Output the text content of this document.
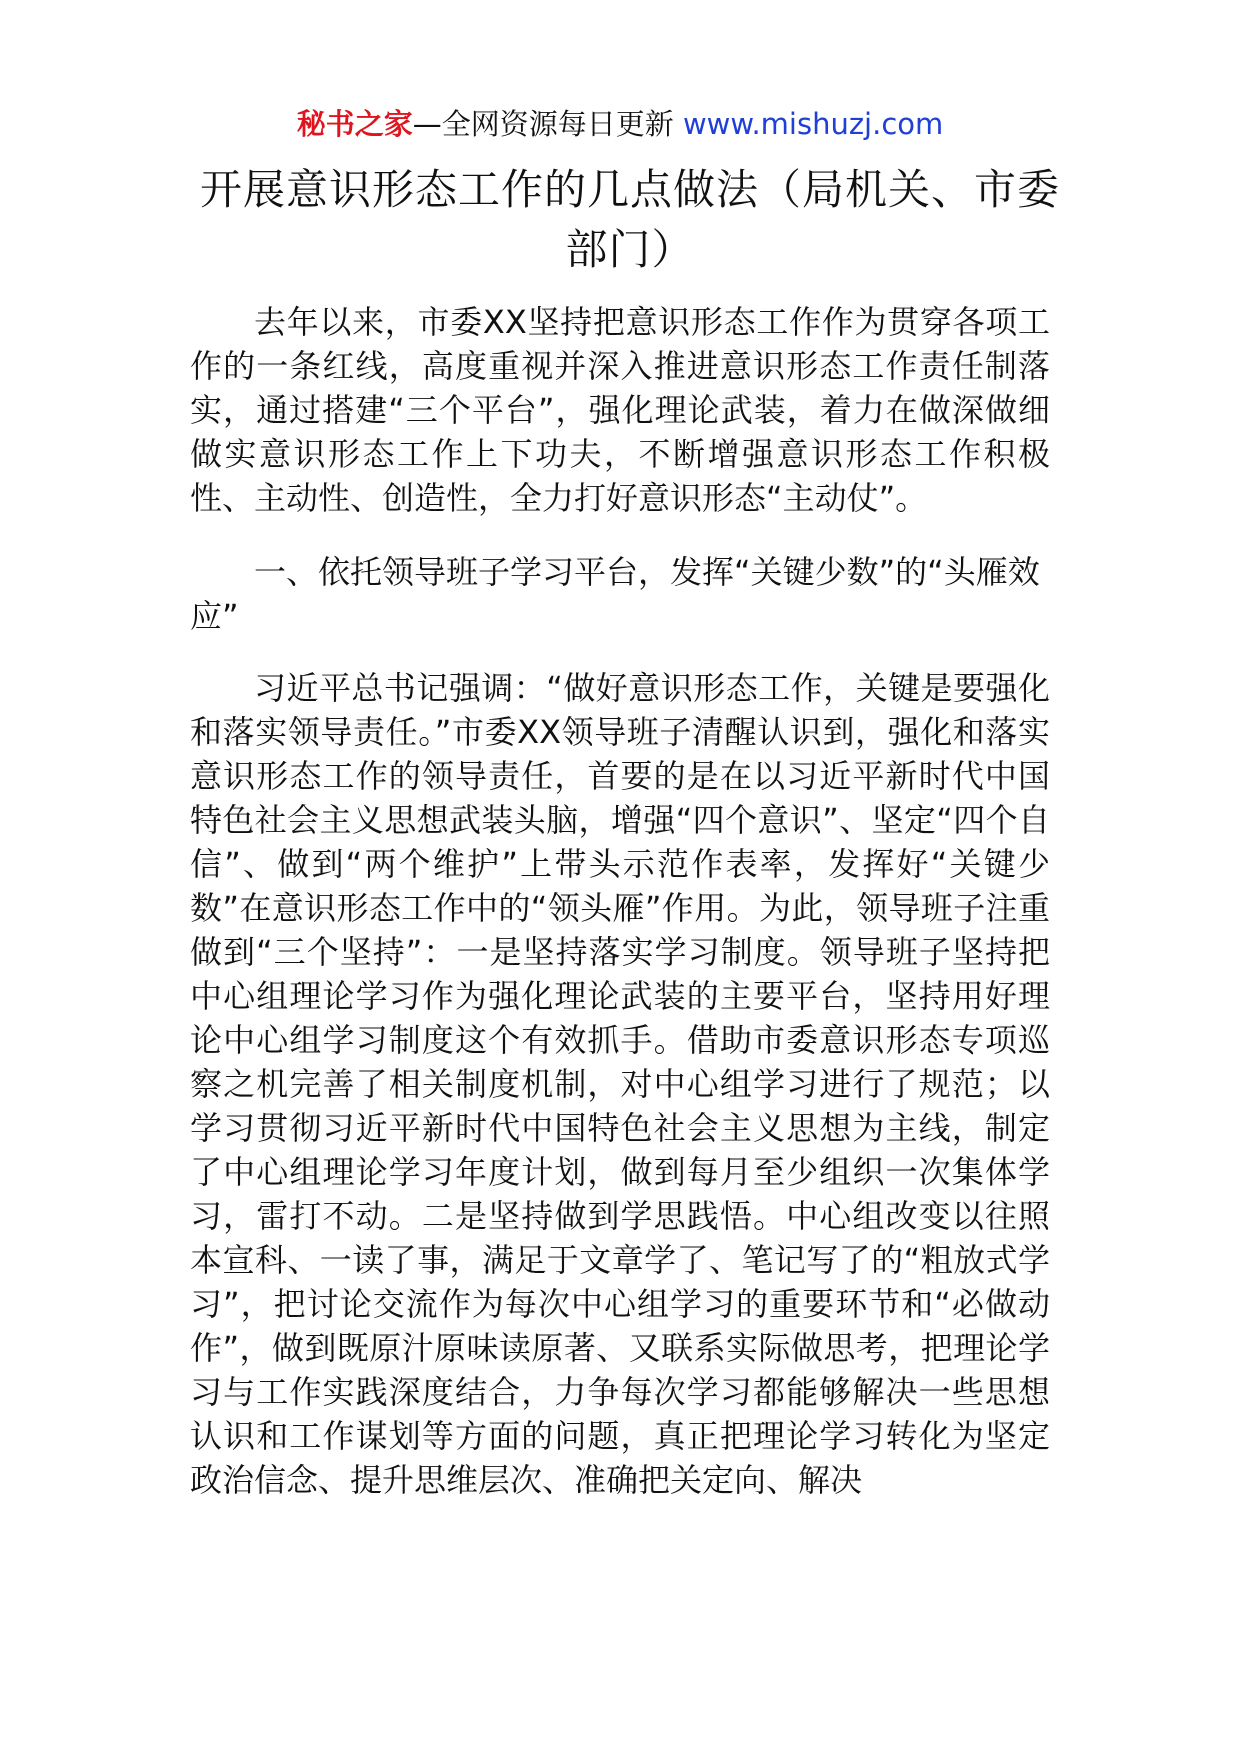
秘书之家—全网资源每日更新 www.mishuzj.com
开展意识形态工作的几点做法（局机关、市委部门）

去年以来，市委XX坚持把意识形态工作作为贯穿各项工作的一条红线，高度重视并深入推进意识形态工作责任制落实，通过搭建“三个平台”，强化理论武装，着力在做深做细做实意识形态工作上下功夫，不断增强意识形态工作积极性、主动性、创造性，全力打好意识形态“主动仗”。

一、依托领导班子学习平台，发挥“关键少数”的“头雁效应”

习近平总书记强调：“做好意识形态工作，关键是要强化和落实领导责任。”市委XX领导班子清醒认识到，强化和落实意识形态工作的领导责任，首要的是在以习近平新时代中国特色社会主义思想武装头脑，增强“四个意识”、坚定“四个自信”、做到“两个维护”上带头示范作表率，发挥好“关键少数”在意识形态工作中的“领头雁”作用。为此，领导班子注重做到“三个坚持”：一是坚持落实学习制度。领导班子坚持把中心组理论学习作为强化理论武装的主要平台，坚持用好理论中心组学习制度这个有效抓手。借助市委意识形态专项巡察之机完善了相关制度机制，对中心组学习进行了规范；以学习贯彻习近平新时代中国特色社会主义思想为主线，制定了中心组理论学习年度计划，做到每月至少组织一次集体学习，雷打不动。二是坚持做到学思践悟。中心组改变以往照本宣科、一读了事，满足于文章学了、笔记写了的“粗放式学习”，把讨论交流作为每次中心组学习的重要环节和“必做动作”，做到既原汁原味读原著、又联系实际做思考，把理论学习与工作实践深度结合，力争每次学习都能够解决一些思想认识和工作谋划等方面的问题，真正把理论学习转化为坚定政治信念、提升思维层次、准确把关定向、解决
